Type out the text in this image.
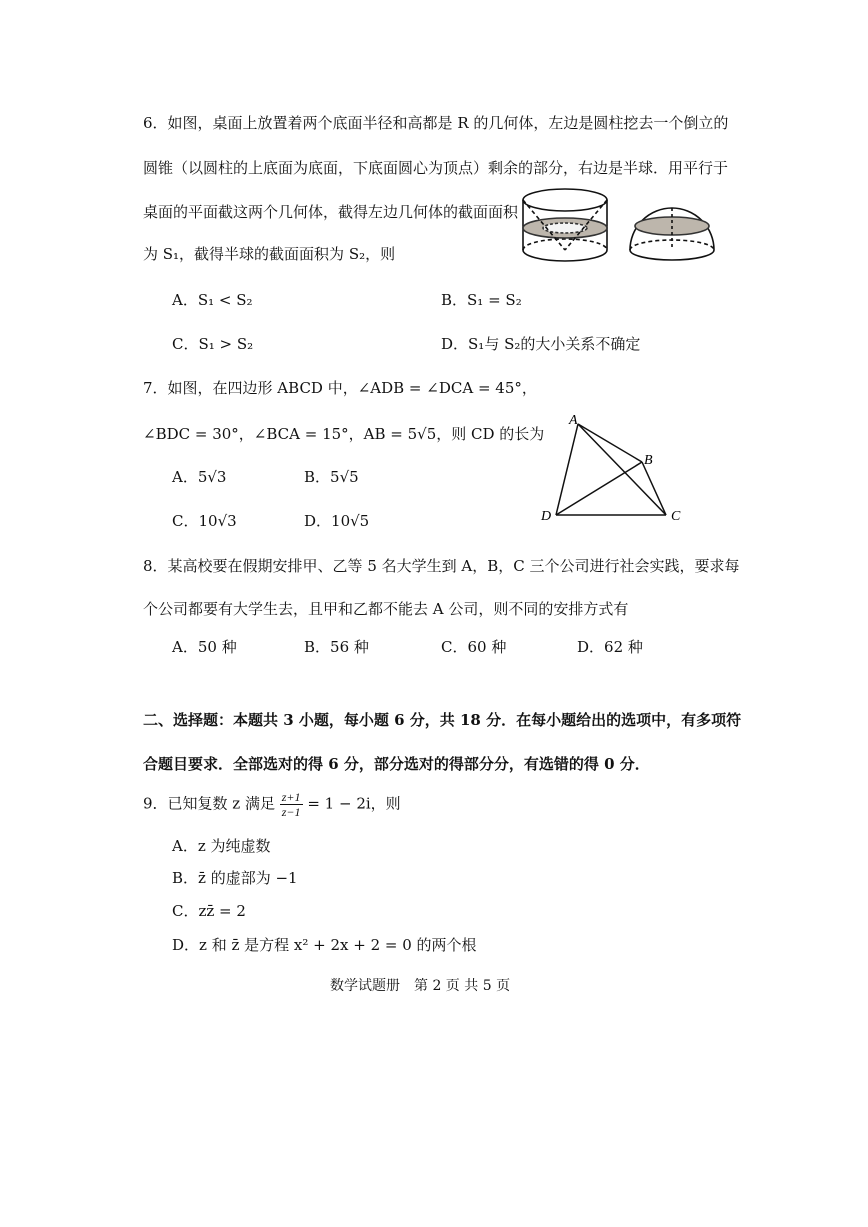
6．如图，桌面上放置着两个底面半径和高都是 R 的几何体，左边是圆柱挖去一个倒立的
圆锥（以圆柱的上底面为底面，下底面圆心为顶点）剩余的部分，右边是半球．用平行于
桌面的平面截这两个几何体，截得左边几何体的截面面积
为 S₁，截得半球的截面面积为 S₂，则
A．S₁ < S₂	B．S₁ = S₂
C．S₁ > S₂	D．S₁与 S₂的大小关系不确定
7．如图，在四边形 ABCD 中，∠ADB = ∠DCA = 45°，
∠BDC = 30°，∠BCA = 15°，AB = 5√5，则 CD 的长为
A．5√3	B．5√5
C．10√3	D．10√5
A
B
C
D
8．某高校要在假期安排甲、乙等 5 名大学生到 A，B，C 三个公司进行社会实践，要求每
个公司都要有大学生去，且甲和乙都不能去 A 公司，则不同的安排方式有
A．50 种	B．56 种	C．60 种	D．62 种
二、选择题：本题共 3 小题，每小题 6 分，共 18 分．在每小题给出的选项中，有多项符
合题目要求．全部选对的得 6 分，部分选对的得部分分，有选错的得 0 分．
9．已知复数 z 满足 $\frac{z+1}{z-1} = 1 - 2i$，则
A．z 为纯虚数
B．z̄ 的虚部为 −1
C．zz̄ = 2
D．z 和 z̄ 是方程 x² + 2x + 2 = 0 的两个根
数学试题册　第 2 页 共 5 页
